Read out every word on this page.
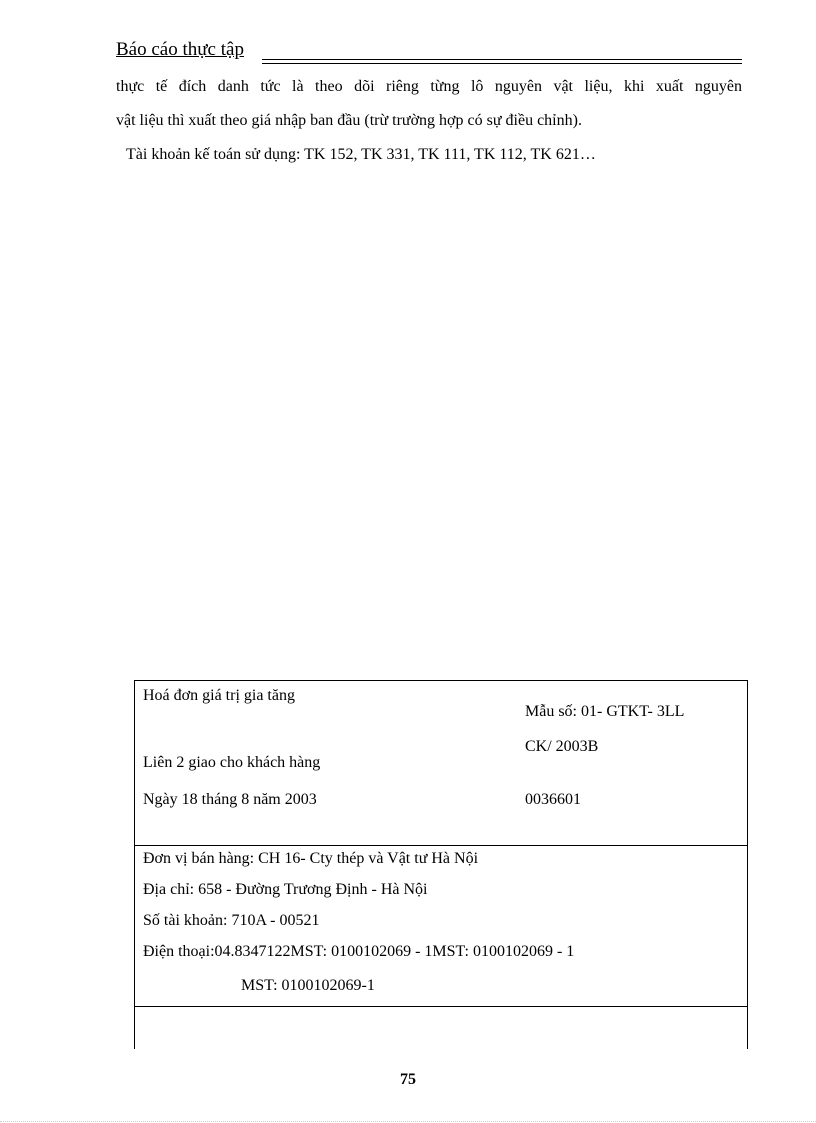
Báo cáo thực tập
thực tế đích danh tức là theo dõi riêng từng lô nguyên vật liệu, khi xuất nguyên
vật liệu thì xuất theo giá nhập ban đầu (trừ trường hợp có sự điều chỉnh).
Tài khoản kế toán sử dụng: TK 152, TK 331, TK 111, TK 112, TK 621…
Hoá đơn giá trị gia tăng
Mẫu số: 01- GTKT- 3LL
Liên 2 giao cho khách hàng
CK/ 2003B
Ngày 18 tháng 8 năm 2003	0036601
Đơn vị bán hàng: CH 16- Cty thép và Vật tư Hà Nội
Địa chỉ: 658 - Đường Trương Định - Hà Nội
Số tài khoản: 710A - 00521
Điện thoại:04.8347122MST: 0100102069 - 1MST: 0100102069 - 1
MST: 0100102069-1
75
